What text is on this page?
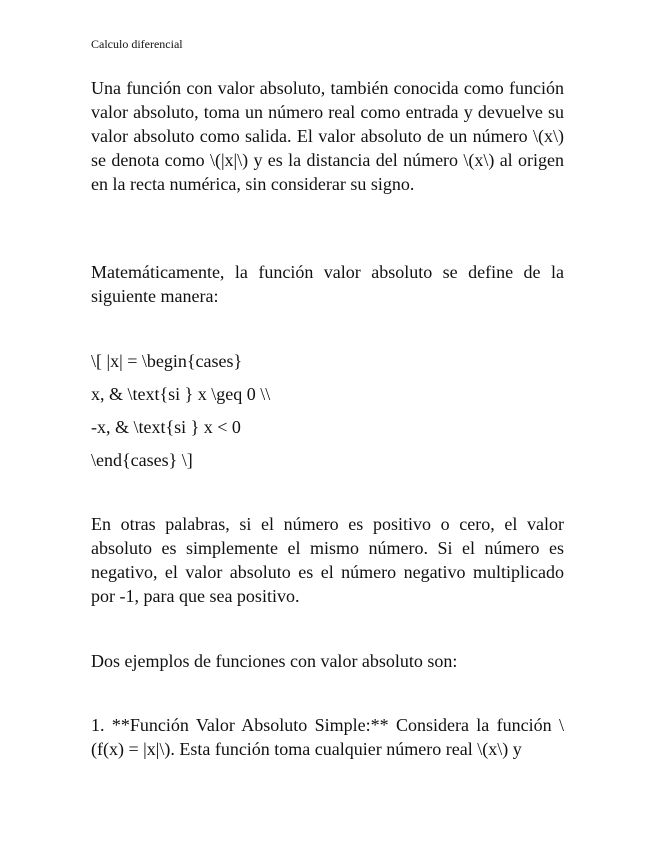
Calculo diferencial

Una función con valor absoluto, también conocida como función valor absoluto, toma un número real como entrada y devuelve su valor absoluto como salida. El valor absoluto de un número \(x\) se denota como \(|x|\) y es la distancia del número \(x\) al origen en la recta numérica, sin considerar su signo.

Matemáticamente, la función valor absoluto se define de la siguiente manera:

\[ |x| = \begin{cases}
x, & \text{si } x \geq 0 \\
-x, & \text{si } x < 0
\end{cases} \]

En otras palabras, si el número es positivo o cero, el valor absoluto es simplemente el mismo número. Si el número es negativo, el valor absoluto es el número negativo multiplicado por -1, para que sea positivo.

Dos ejemplos de funciones con valor absoluto son:

1. **Función Valor Absoluto Simple:** Considera la función \(f(x) = |x|\). Esta función toma cualquier número real \(x\) y
